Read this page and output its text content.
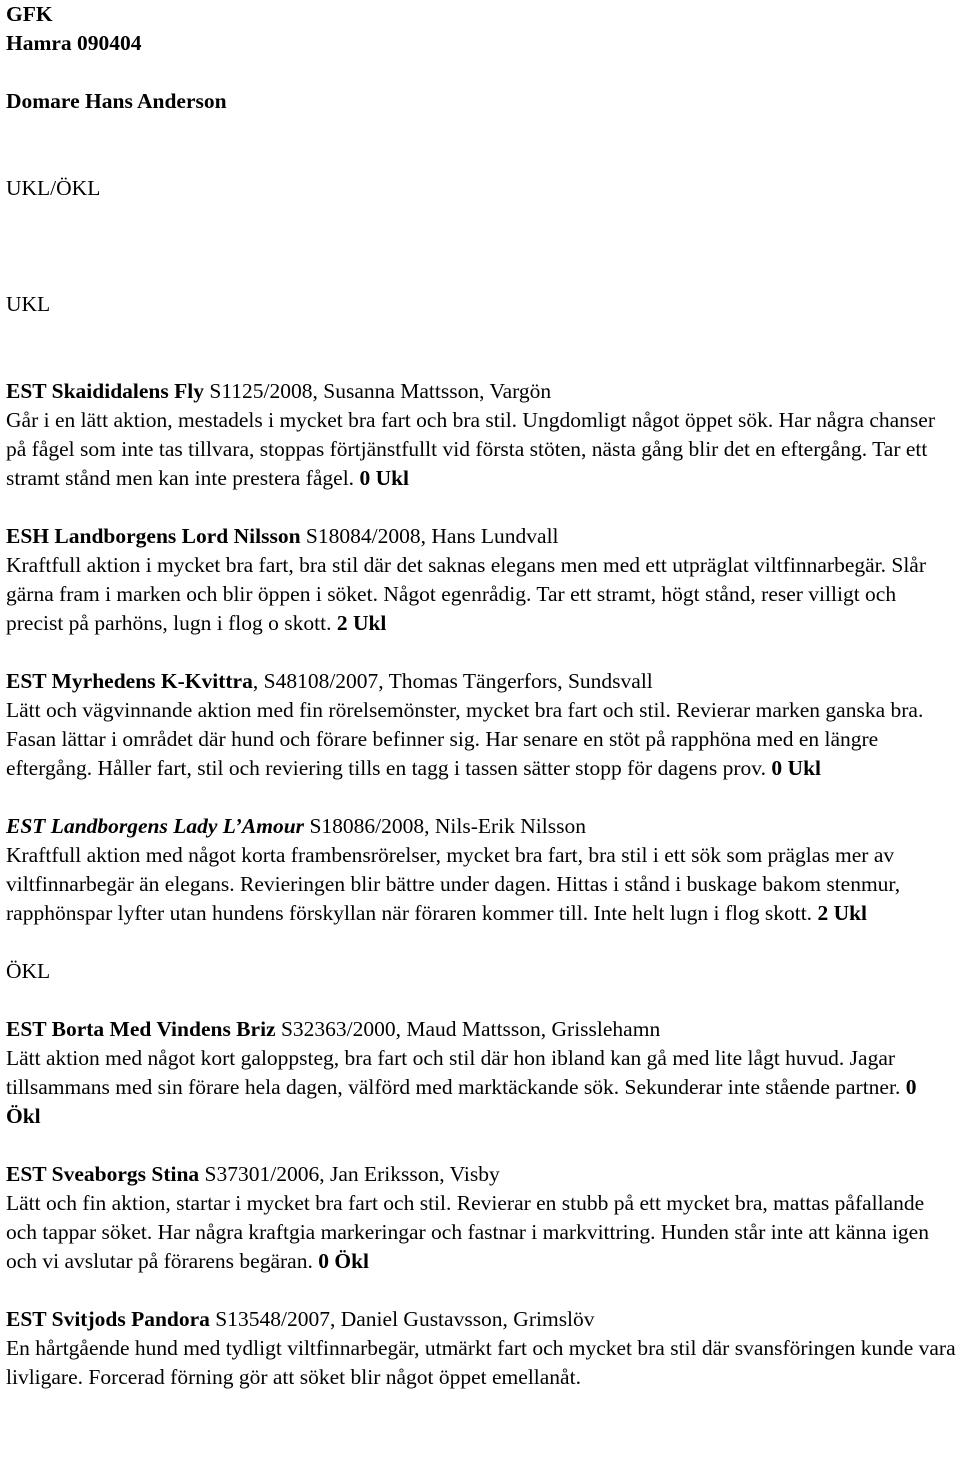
GFK

Hamra 090404

Domare Hans Anderson

UKL/ÖKL

UKL

EST Skaididalens Fly S1125/2008, Susanna Mattsson, Vargön

Går i en lätt aktion, mestadels i mycket bra fart och bra stil. Ungdomligt något öppet sök. Har några chanser på fågel som inte tas tillvara, stoppas förtjänstfullt vid första stöten, nästa gång blir det en eftergång. Tar ett stramt stånd men kan inte prestera fågel. 0 Ukl

ESH Landborgens Lord Nilsson S18084/2008, Hans Lundvall

Kraftfull aktion i mycket bra fart, bra stil där det saknas elegans men med ett utpräglat viltfinnarbegär. Slår gärna fram i marken och blir öppen i söket. Något egenrådig. Tar ett stramt, högt stånd, reser villigt och precist på parhöns, lugn i flog o skott. 2 Ukl

EST Myrhedens K-Kvittra, S48108/2007, Thomas Tängerfors, Sundsvall

Lätt och vägvinnande aktion med fin rörelsemönster, mycket bra fart och stil. Revierar marken ganska bra. Fasan lättar i området där hund och förare befinner sig. Har senare en stöt på rapphöna med en längre eftergång. Håller fart, stil och reviering tills en tagg i tassen sätter stopp för dagens prov. 0 Ukl

EST Landborgens Lady L’Amour S18086/2008, Nils-Erik Nilsson

Kraftfull aktion med något korta frambensrörelser, mycket bra fart, bra stil i ett sök som präglas mer av viltfinnarbegär än elegans. Revieringen blir bättre under dagen. Hittas i stånd i buskage bakom stenmur, rapphönspar lyfter utan hundens förskyllan när föraren kommer till. Inte helt lugn i flog skott. 2 Ukl

ÖKL

EST Borta Med Vindens Briz S32363/2000, Maud Mattsson, Grisslehamn

Lätt aktion med något kort galoppsteg, bra fart och stil där hon ibland kan gå med lite lågt huvud. Jagar tillsammans med sin förare hela dagen, välförd med marktäckande sök. Sekunderar inte stående partner. 0 Ökl

EST Sveaborgs Stina S37301/2006, Jan Eriksson, Visby

Lätt och fin aktion, startar i mycket bra fart och stil. Revierar en stubb på ett mycket bra, mattas påfallande och tappar söket. Har några kraftgia markeringar och fastnar i markvittring. Hunden står inte att känna igen och vi avslutar på förarens begäran. 0 Ökl

EST Svitjods Pandora S13548/2007, Daniel Gustavsson, Grimslöv

En hårtgående hund med tydligt viltfinnarbegär, utmärkt fart och mycket bra stil där svansföringen kunde vara livligare. Forcerad förning gör att söket blir något öppet emellanåt.
